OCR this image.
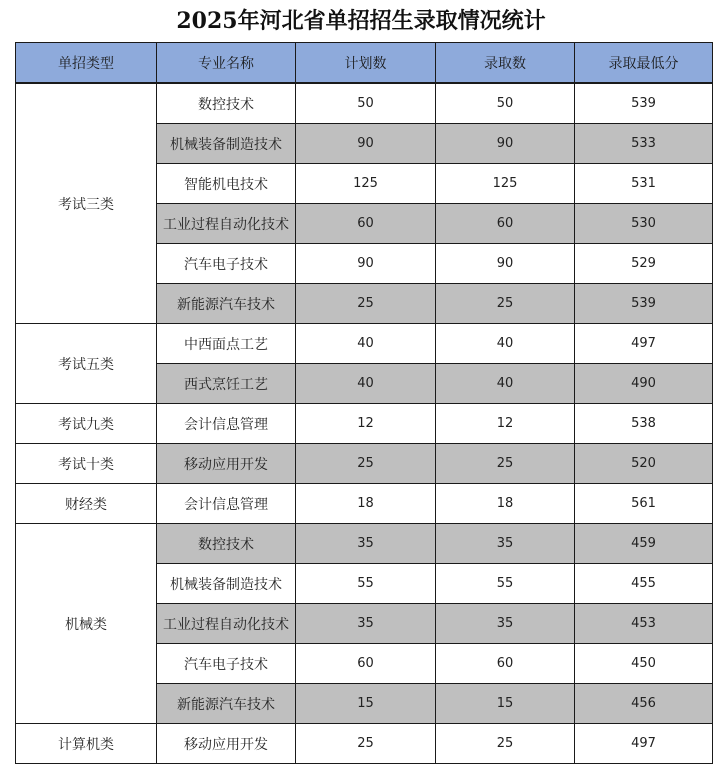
2025年河北省单招招生录取情况统计
单招类型	专业名称	计划数	录取数	录取最低分
考试三类	数控技术	50	50	539
	机械装备制造技术	90	90	533
	智能机电技术	125	125	531
	工业过程自动化技术	60	60	530
	汽车电子技术	90	90	529
	新能源汽车技术	25	25	539
考试五类	中西面点工艺	40	40	497
	西式烹饪工艺	40	40	490
考试九类	会计信息管理	12	12	538
考试十类	移动应用开发	25	25	520
财经类	会计信息管理	18	18	561
机械类	数控技术	35	35	459
	机械装备制造技术	55	55	455
	工业过程自动化技术	35	35	453
	汽车电子技术	60	60	450
	新能源汽车技术	15	15	456
计算机类	移动应用开发	25	25	497
